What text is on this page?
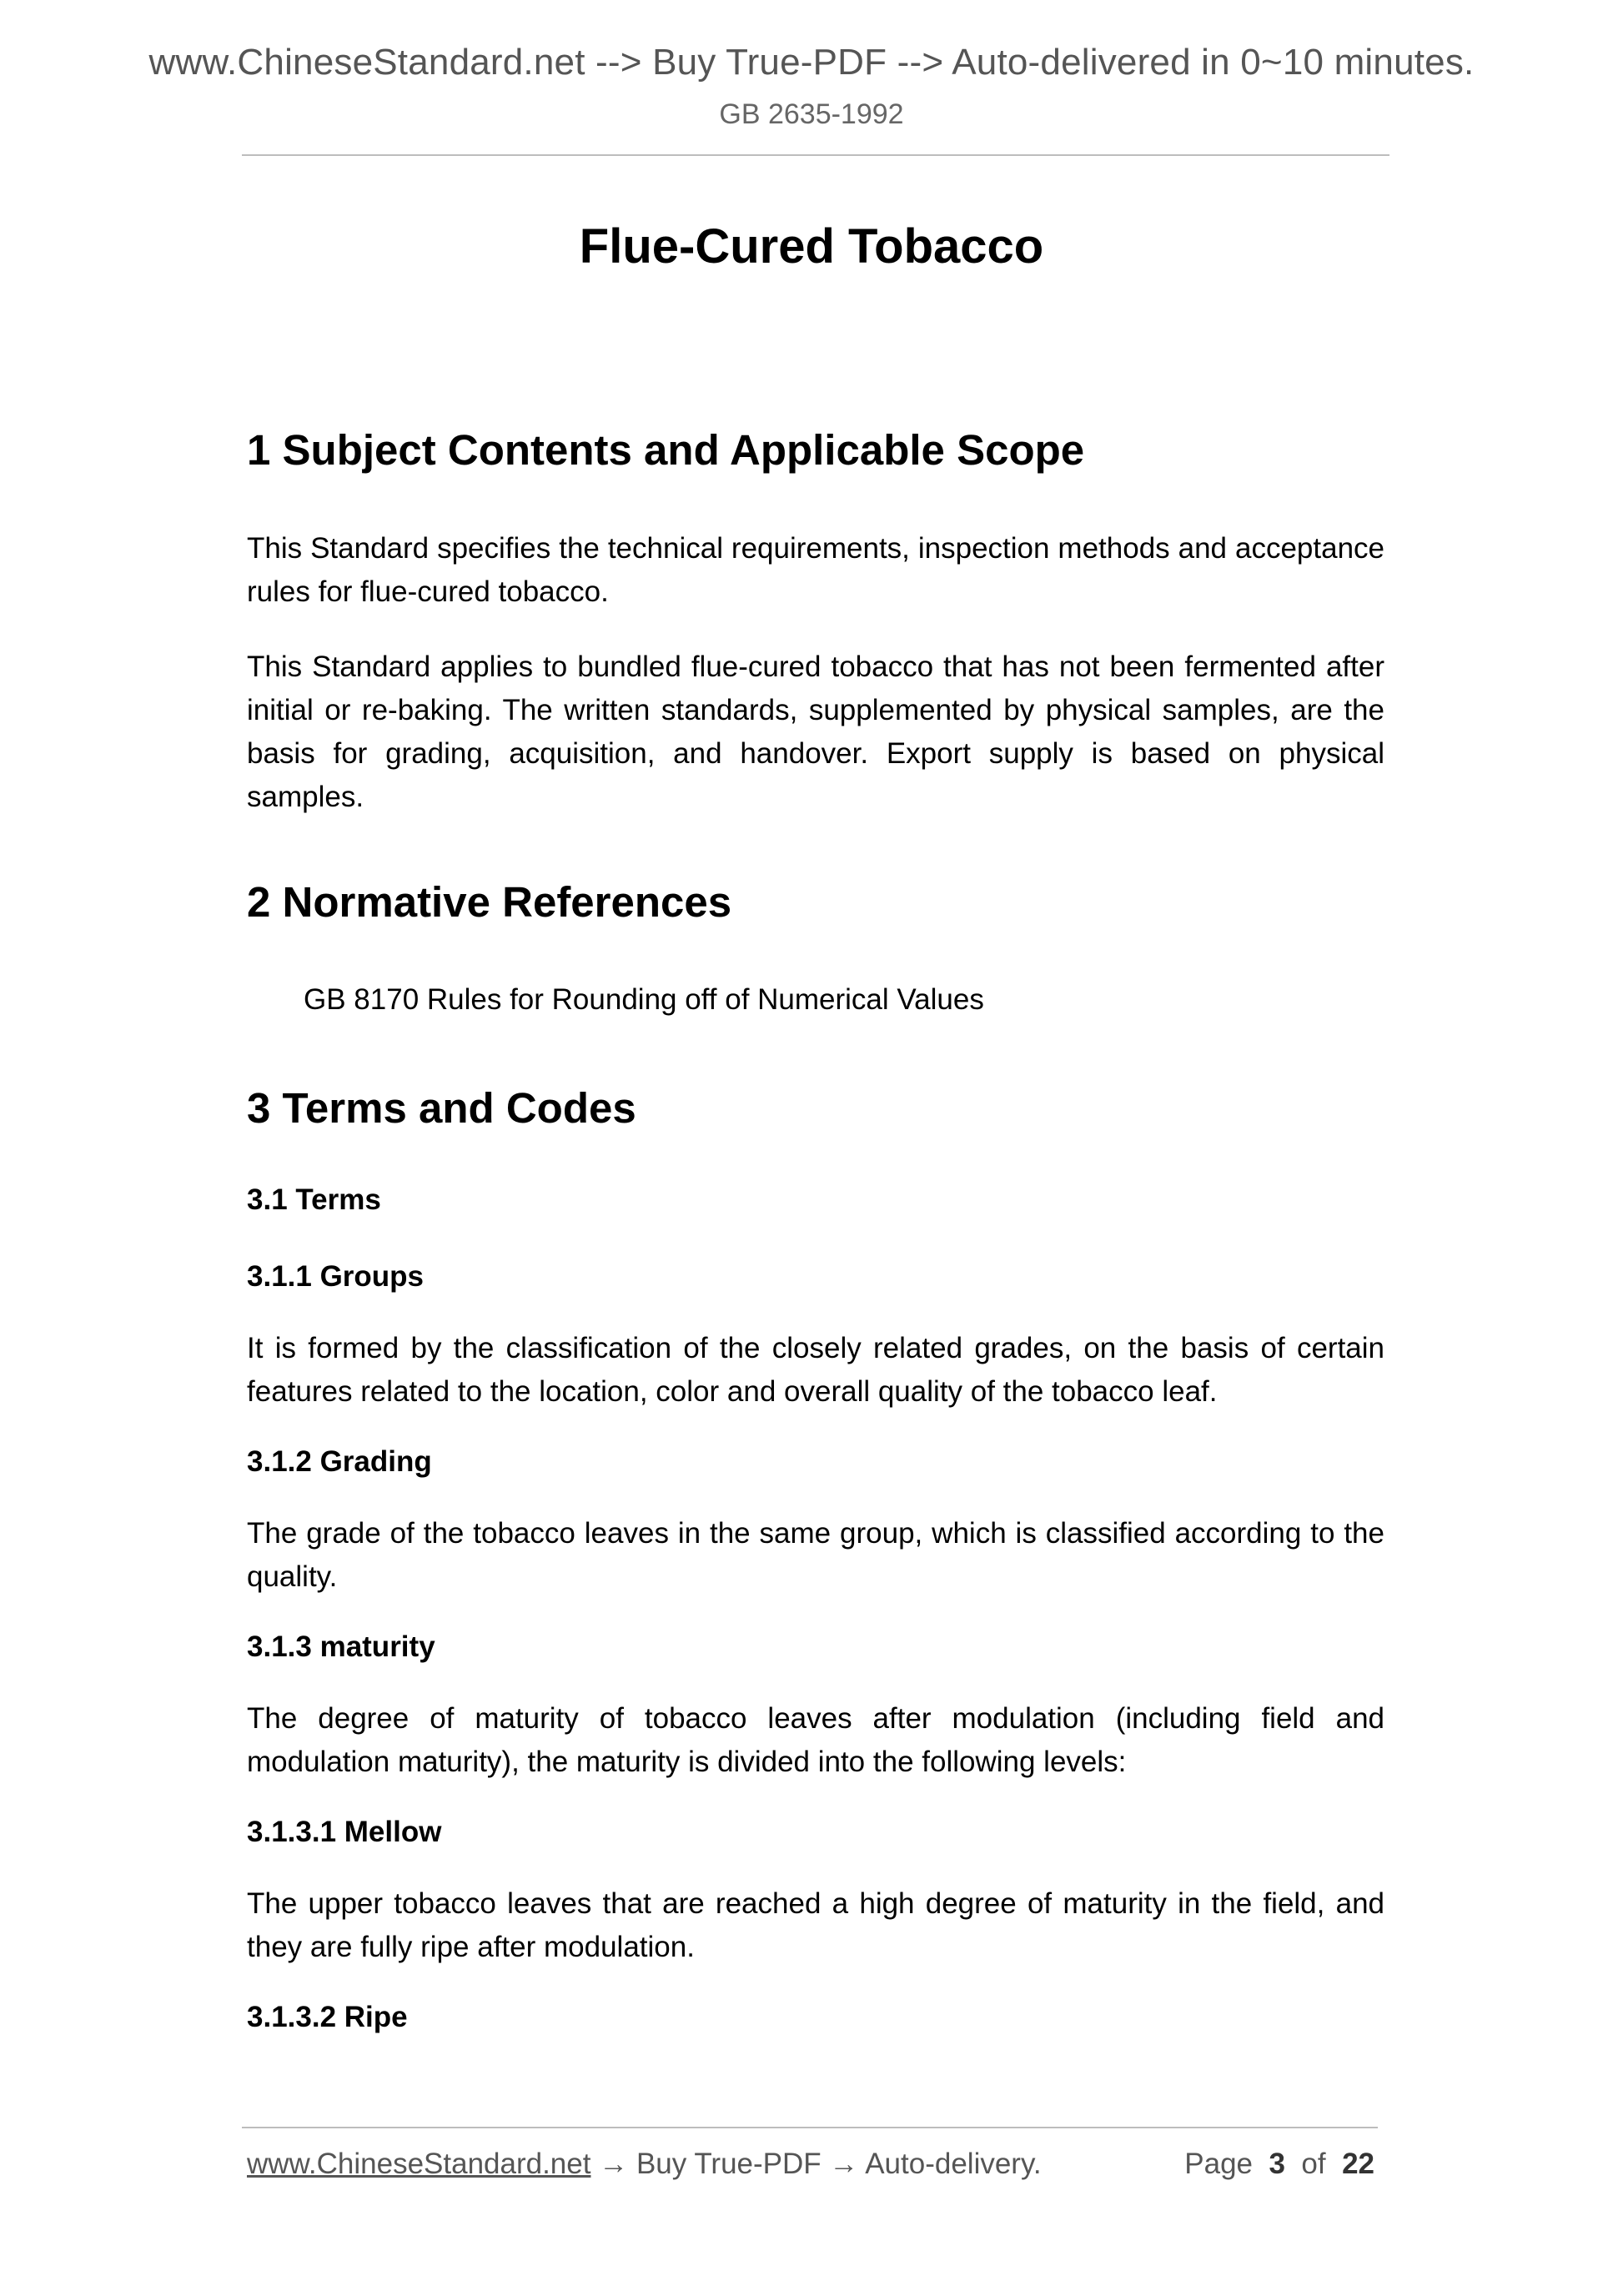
www.ChineseStandard.net --> Buy True-PDF --> Auto-delivered in 0~10 minutes.
GB 2635-1992
Flue-Cured Tobacco
1 Subject Contents and Applicable Scope

This Standard specifies the technical requirements, inspection methods and acceptance rules for flue-cured tobacco.

This Standard applies to bundled flue-cured tobacco that has not been fermented after initial or re-baking. The written standards, supplemented by physical samples, are the basis for grading, acquisition, and handover. Export supply is based on physical samples.

2 Normative References

GB 8170 Rules for Rounding off of Numerical Values

3 Terms and Codes
3.1 Terms
3.1.1 Groups

It is formed by the classification of the closely related grades, on the basis of certain features related to the location, color and overall quality of the tobacco leaf.

3.1.2 Grading

The grade of the tobacco leaves in the same group, which is classified according to the quality.

3.1.3 maturity

The degree of maturity of tobacco leaves after modulation (including field and modulation maturity), the maturity is divided into the following levels:

3.1.3.1 Mellow

The upper tobacco leaves that are reached a high degree of maturity in the field, and they are fully ripe after modulation.

3.1.3.2 Ripe
www.ChineseStandard.net → Buy True-PDF → Auto-delivery.	Page 3 of 22
